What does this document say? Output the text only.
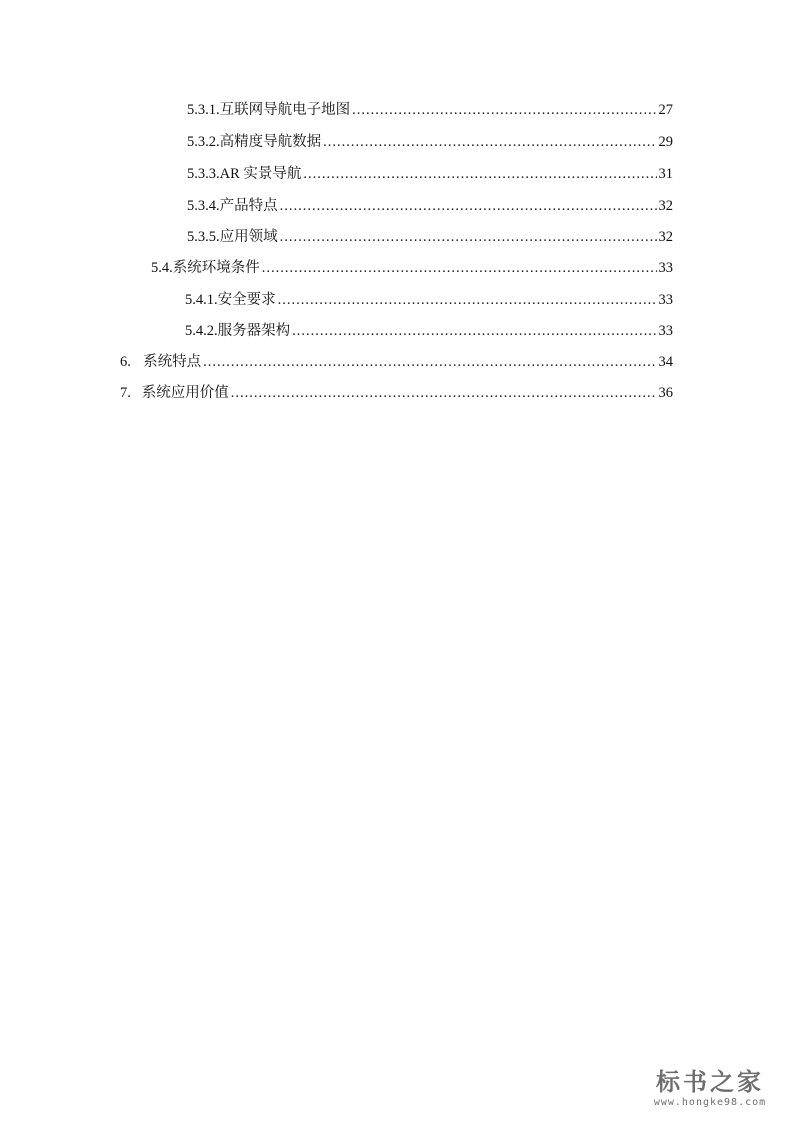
5.3.1. 互联网导航电子地图 .....	27
5.3.2. 高精度导航数据 .....	29
5.3.3. AR 实景导航 .....	31
5.3.4. 产品特点 .....	32
5.3.5. 应用领域 .....	32
5.4. 系统环境条件 .....	33
5.4.1. 安全要求 .....	33
5.4.2. 服务器架构 .....	33
6. 系统特点 .....	34
7. 系统应用价值 .....	36
标书之家
www.hongke98.com
